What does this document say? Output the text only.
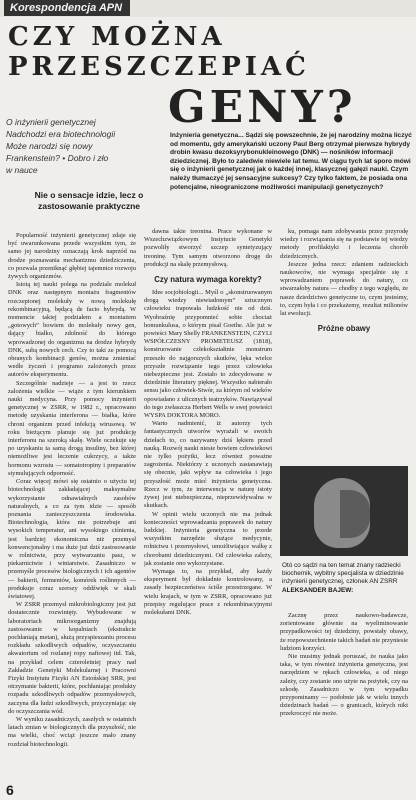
Korespondencja APN
CZY MOŻNA
PRZESZCZEPIAĆ
GENY?
O inżynierii genetycznej
Nadchodzi era biotechnologii
Może narodzi się nowy
Frankenstein? • Dobro i zło
w nauce
Inżynieria genetyczna... Sądzi się powszechnie, że jej narodziny można liczyć od momentu, gdy amerykański uczony Paul Berg otrzymał pierwsze hybrydy drobin kwasu dezoksyrybonukleinowego (DNK) — nośników informacji dziedzicznej. Było to zaledwie niewiele lat temu. W ciągu tych lat sporo mówi się o inżynierii genetycznej jak o każdej innej, klasycznej gałęzi nauki. Czym należy tłumaczyć jej sensacyjne sukcesy? Czy tylko faktem, że posiada ona potencjalne, nieograniczone możliwości manipulacji genetycznych?
Nie o sensacje idzie, lecz o zastosowanie praktyczne

Popularność inżynierii genetycznej zdaje się być uwarunkowana przede wszystkim tym, że samo jej narodziny oznaczają krok naprzód na drodze poznawania mechanizmu dziedziczenia, co pozwala przeniknąć głębiej tajemnice rozwoju żywych organizmów.

Istotą tej nauki polega na podziale molekuł DNK oraz następnym montażu fragmentów rozczepionej molekuły w nową molekułę rekombinacyjną, będącą de facto hybrydą. W momencie takiej podziałem a montażem „gotowych” bowiem do molekuły nowy gen, dający białko, zdolność do którego wprowadzonej do organizmu na drodze hybrydy DNK, subą nowych cech. Czy to taki ze pomocą obranych kombinacji genów, można zmieniać wedle życzeń i programo zalożonych przez autorów eksperymentu.

Szczególnie nadzieje — a jest to rzecz zalożenia wielkie — wiąże z tym kierunkiem nauki medycyna. Przy pomocy inżynierii genetycznej w ZSRR, w 1982 r., opracowano metodę uzyskania interferona — białka, które chroni organizm przed infekcją wirusową. W roku bieżącym planuje się już produkcję interferonu na szeroką skalę. Wiele oczekuje się po uzyskaniu ta samą drogą insuliny, bez której niemożliwe jest leczenie cukrzycy, a także hormonu wzrostu — somatotropiny i preparatów stymulujących odporność.

Coraz więcej mówi się ostatnio o użyciu tej biotechnologii zakładającej maksymalne wykorzystanie odnawialnych zasobów naturalnych, a co za tym idzie — sposób poznania zanieczyszczenia środowiska. Biotechnologia, która nie potrzebuje ani wysokich temperatur, ani wysokiego ciśnienia, jest bardziej ekonomiczna niż przemysł konwencjonalny i ma duże już dziś zastosowanie w rolnictwie, przy wytwarzaniu pasz, w piekarnictwie i winiarstwie. Zasadniczo w przemyśle procesów biologicznych i ich agentów — bakterii, fermentów, komórek roślinnych — produkuje coraz szerszy oddźwięk w skali światowej.

W ZSRR przemysł mikrobiologiczny jest już dostatecznie rozwinięty. Wybudowane w laboratoriach mikroorganizmy znajdują zastosowanie w kopalniach (ekstrakcie pochłaniają metan), służą przyspieszaniu procesu rozkładu szkodliwych odpadów, oczyszczaniu akwatorium od rozlanej ropy naftowej itd. Tak, na przykład celem czteroletniej pracy nad Zakładzie Genetyki Molekularnej i Pracowni Fizyki Instytutu Fizyki AN Estońskiej SRR, jest otrzymanie bakterii, które, pochłaniając produkty rozpadu szkodliwych odpadów przemysłowych, zaczyna dla ludzi szkodliwych, przyczyniając się do oczyszczania wód.

W wyniku zasadniczych, zaszłych w ostatnich latach zmian w biologicznych dla przyszłość, nie ma wielki, choć wciąż jeszcze mało znany rozdział biotechnologii.

dawna takie treonina. Prace wykonane w Wszechzwiązkowym Instytucie Genetyki pozwoliły stworzyć szczep syntetyzujący treoninę. Tym samym otworzono drogę do produkcji na skalę przemysłową.

Czy natura wymaga korekty?

Idee socjobiologii... Myśl o „skonstruowanym drogą wiedzy niewiadomym” sztucznym człowieku trapowała ludzkość nie od dziś. Wyobraźnię przypomnieć sobie chociaż homunkulusa, o którym pisał Goethe. Ale już w powieści Mary Shelly FRANKENSTEIN, CZYLI WSPÓŁCZESNY PROMETEUSZ (1818), konstruowanie człekokształtnie monstrum przeszło do najgorszych skutków, lęka wielce przyszłe rozwiązanie tego przez człowieka niebezpieczne jest. Zostało to zdecydowane w dziedzinie literatury pięknej. Wszystko nabierało sensu jako człowiek-Stwór, za którym od wieków opowiadano z ulicznych teatrzyków. Nawiązywał do tego zwłaszcza Herbert Wells w swej powieści WYSPA DOKTORA MORO.

Warto nadmienić, iż autorzy tych fantastycznych utworów wyrażali w swoich dziełach to, co nazywamy dziś lękiem przed nauką. Rozwój nauki niesie bowiem człowiekowi nie tylko pożytki, lecz również poważne zagrożenia. Niektórzy z uczonych zastanawiają się obecnie, jaki wpływ na człowieka i jego przyszłość może mieć inżynieria genetyczna. Rzecz w tym, że interwencja w naturę istoty żywej jest niebezpieczna, nieprzewidywalna w skutkach.

W opinii wielu uczonych nie ma jednak konieczności wprowadzania poprawek do natury ludzkiej. Inżynieria genetyczna to przede wszystkim narzędzie służące medycynie, rolnictwu i przemysłowi, umożliwiające walkę z chorobami dziedzicznymi. Od człowieka zależy, jak zostanie ono wykorzystane.

Wymaga to, na przykład, aby każdy eksperyment był dokładnie kontrolowany, a zasady bezpieczeństwa ściśle przestrzegane. W wielu krajach, w tym w ZSRR, opracowano już przepisy regulujące prace z rekombinacyjnymi molekułami DNK.

ku, pomaga nam zdobywania przez przyrodę wiedzy i rozwiązania się na podstawie tej wiedzy metody profilaktyki i leczenia chorób dziedzicznych.

Jeszcze jedna rzecz: zdaniem radzieckich naukowców, nie wymaga specjalnie się z wprowadzaniem poprawek do natury, co stwarzałoby natura — chodby z tego względu, że nasze dziedzictwo genetyczne to, czym jesteśmy, to, czym była i co przekażemy, rezultat milionów lat ewolucji.

Próżne obawy
Otó co sądzi na ten temat znany radziecki biochemik, wybitny specjalista w dziedzinie inżynierii genetycznej, członek AN ZSRR ALEKSANDER BAJEW:

Zacznę przez naukowo-badawcze, zorientowane głównie na wyeliminowanie przypadkowości tej dziedziny, powstały obawy, że rozpowszechnienie takich badań nie przyniesie ludziom korzyści.

Nie musimy jednak poruszać, że nauka jako taka, w tym również inżynieria genetyczna, jest narzędziem w rękach człowieka, a od niego zależy, czy zostanie ono użyte na pożytek, czy na szkodę. Zasadniczo w tym wypadku przypominamy — podobnie jak w wielu innych dziedzinach badań — o granicach, których nikt przekroczyć nie może.

6
